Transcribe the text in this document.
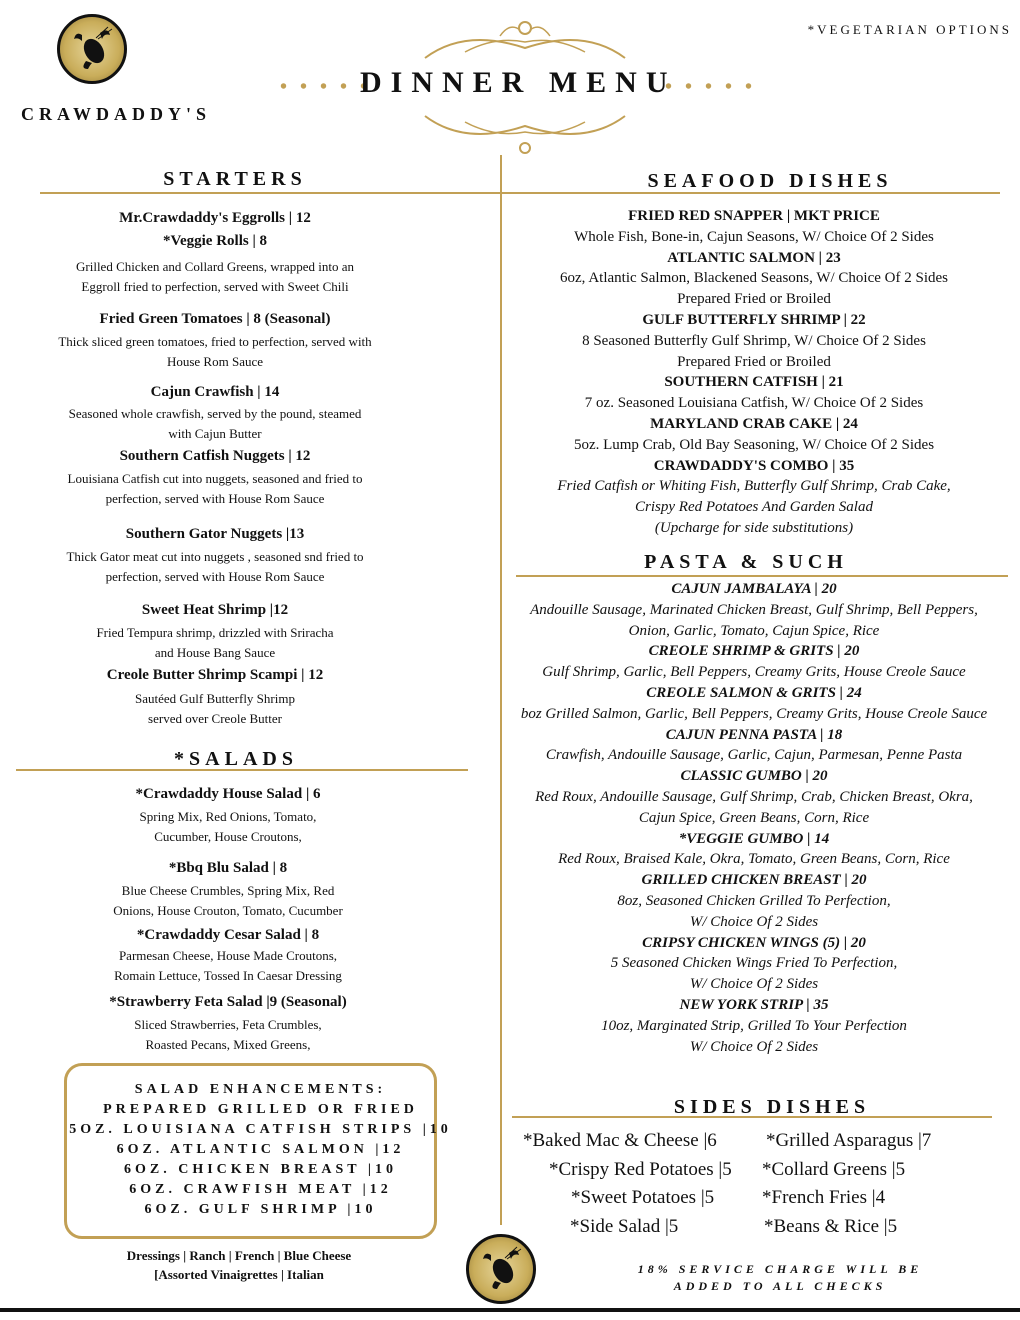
CRAWDADDY'S
*VEGETARIAN OPTIONS
• • • • •
DINNER MENU
• • • • •
STARTERS	SEAFOOD DISHES
*SALADS
PASTA & SUCH
SIDES DISHES
Mr.Crawdaddy's Eggrolls | 12
*Veggie Rolls | 8
Grilled Chicken and Collard Greens, wrapped into an
Eggroll fried to perfection, served with Sweet Chili
Fried Green Tomatoes | 8 (Seasonal)
Thick sliced green tomatoes, fried to perfection, served with
House Rom Sauce
Cajun Crawfish | 14
Seasoned whole crawfish, served by the pound, steamed
with Cajun Butter
Southern Catfish Nuggets | 12
Louisiana Catfish cut into nuggets, seasoned and fried to
perfection, served with House Rom Sauce
Southern Gator Nuggets |13
Thick Gator meat cut into nuggets , seasoned snd fried to
perfection, served with House Rom Sauce
Sweet Heat Shrimp |12
Fried Tempura shrimp, drizzled with Sriracha
and House Bang Sauce
Creole Butter Shrimp Scampi | 12
Sautéed Gulf Butterfly Shrimp
served over Creole Butter
*Crawdaddy House Salad | 6
Spring Mix, Red Onions, Tomato,
Cucumber, House Croutons,
*Bbq Blu Salad | 8
Blue Cheese Crumbles, Spring Mix, Red
Onions, House Crouton, Tomato, Cucumber
*Crawdaddy Cesar Salad | 8
Parmesan Cheese, House Made Croutons,
Romain Lettuce, Tossed In Caesar Dressing
*Strawberry Feta Salad |9 (Seasonal)
Sliced Strawberries, Feta Crumbles,
Roasted Pecans, Mixed Greens,
SALAD ENHANCEMENTS:
PREPARED GRILLED OR FRIED
5OZ. LOUISIANA CATFISH STRIPS |10
6OZ. ATLANTIC SALMON |12
6OZ. CHICKEN BREAST |10
6OZ. CRAWFISH MEAT |12
6OZ. GULF SHRIMP |10
Dressings | Ranch | French | Blue Cheese
[Assorted Vinaigrettes | Italian
FRIED RED SNAPPER | MKT PRICE
Whole Fish, Bone-in, Cajun Seasons, W/ Choice Of 2 Sides
ATLANTIC SALMON | 23
6oz, Atlantic Salmon, Blackened Seasons, W/ Choice Of 2 Sides
Prepared Fried or Broiled
GULF BUTTERFLY SHRIMP | 22
8 Seasoned Butterfly Gulf Shrimp, W/ Choice Of 2 Sides
Prepared Fried or Broiled
SOUTHERN CATFISH | 21
7 oz. Seasoned Louisiana Catfish, W/ Choice Of 2 Sides
MARYLAND CRAB CAKE | 24
5oz. Lump Crab, Old Bay Seasoning, W/ Choice Of 2 Sides
CRAWDADDY'S COMBO | 35
Fried Catfish or Whiting Fish, Butterfly Gulf Shrimp, Crab Cake,
Crispy Red Potatoes And Garden Salad
(Upcharge for side substitutions)
CAJUN JAMBALAYA | 20
Andouille Sausage, Marinated Chicken Breast, Gulf Shrimp, Bell Peppers,
Onion, Garlic, Tomato, Cajun Spice, Rice
CREOLE SHRIMP & GRITS | 20
Gulf Shrimp, Garlic, Bell Peppers, Creamy Grits, House Creole Sauce
CREOLE SALMON & GRITS | 24
boz Grilled Salmon, Garlic, Bell Peppers, Creamy Grits, House Creole Sauce
CAJUN PENNA PASTA | 18
Crawfish, Andouille Sausage, Garlic, Cajun, Parmesan, Penne Pasta
CLASSIC GUMBO | 20
Red Roux, Andouille Sausage, Gulf Shrimp, Crab, Chicken Breast, Okra,
Cajun Spice, Green Beans, Corn, Rice
*VEGGIE GUMBO | 14
Red Roux, Braised Kale, Okra, Tomato, Green Beans, Corn, Rice
GRILLED CHICKEN BREAST | 20
8oz, Seasoned Chicken Grilled To Perfection,
W/ Choice Of 2 Sides
CRIPSY CHICKEN WINGS (5) | 20
5 Seasoned Chicken Wings Fried To Perfection,
W/ Choice Of 2 Sides
NEW YORK STRIP | 35
10oz, Marginated Strip, Grilled To Your Perfection
W/ Choice Of 2 Sides
*Baked Mac & Cheese |6
*Crispy Red Potatoes |5
*Sweet Potatoes |5
*Side Salad |5
*Grilled Asparagus |7
*Collard Greens |5
*French Fries |4
*Beans & Rice |5
18% SERVICE CHARGE WILL BE
ADDED TO ALL CHECKS
